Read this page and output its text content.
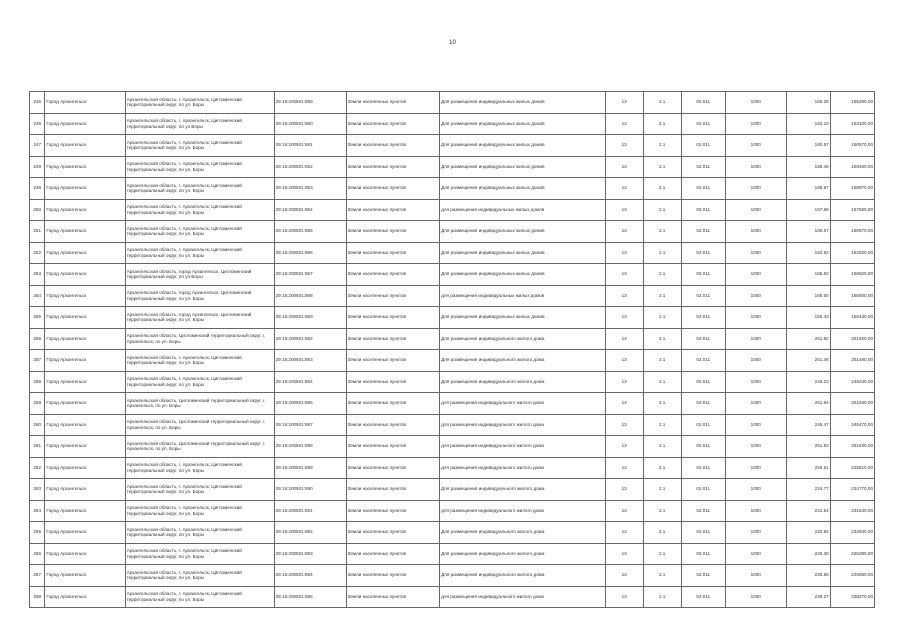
10
245	Город Архангельск	Архангельская область, г. Архангельск, Цигломенский территориальный округ, по ул. Боры	29:16:200501:859	Земли населенных пунктов	Для размещения индивидуальных жилых домов	13	2.1	02.011	1000	165.28	165280,00
246	Город Архангельск	Архангельская область, г. Архангельск, Цигломенский территориальный округ, по ул.Боры	29:16:200501:860	Земли населенных пунктов	Для размещения индивидуальных жилых домов	13	2.1	02.011	1000	163.10	163100,00
247	Город Архангельск	Архангельская область, г. Архангельск, Цигломенский территориальный округ, по ул. Боры	29:16:200501:861	Земли населенных пунктов	Для размещения индивидуальных жилых домов	13	2.1	02.011	1000	160.57	160570,00
248	Город Архангельск	Архангельская область, г. Архангельск, Цигломенский территориальный округ, по ул. Боры	29:16:200501:862	Земли населенных пунктов	Для размещения индивидуальных жилых домов	13	2.1	02.011	1000	158.46	158460,00
249	Город Архангельск	Архангельская область, г. Архангельск, Цигломенский территориальный округ, по ул. Боры	29:16:200501:863	Земли населенных пунктов	Для размещения индивидуальных жилых домов	13	2.1	02.011	1000	168.97	168970,00
250	Город Архангельск	Архангельская область, г. Архангельск, Цигломенский территориальный округ, по ул. Боры	29:16:200501:864	Земли населенных пунктов	для размещения индивидуальных жилых домов	13	2.1	02.011	1000	167.66	167660,00
251	Город Архангельск	Архангельская область, г. Архангельск, Цигломенский территориальный округ, по ул. Боры	29:16:200501:865	Земли населенных пунктов	Для размещения индивидуальных жилых домов	13	2.1	02.011	1000	160.67	160670,00
252	Город Архангельск	Архангельская область, г. Архангельск, Цигломенский территориальный округ, по ул. Боры	29:16:200501:866	Земли населенных пунктов	Для размещения индивидуальных жилых домов	13	2.1	02.011	1000	162.92	162920,00
253	Город Архангельск	Архангельская область, город Архангельск, Цигломенский территориальный округ, по ул.Боры	29:16:200501:867	Земли населенных пунктов	Для размещения индивидуальных жилых домов	13	2.1	02.011	1000	166.82	166820,00
254	Город Архангельск	Архангельская область, город Архангельск, Цигломенский территориальный округ, по ул. Боры	29:16:200501:868	Земли населенных пунктов	для размещения индивидуальных жилых домов	13	2.1	02.011	1000	165.60	165600,00
255	Город Архангельск	Архангельская область, город Архангельск, Цигломенский территориальный округ, по ул. Боры	29:16:200501:869	Земли населенных пунктов	Для размещения индивидуальных жилых домов	13	2.1	02.011	1000	156.43	156430,00
256	Город Архангельск	Архангельская область, Цигломенский территориальный округ, г. Архангельск, по ул. Боры	29:16:200501:882	Земли населенных пунктов	Для размещения индивидуального жилого дома	13	2.1	02.011	1000	251.92	251920,00
257	Город Архангельск	Архангельская область, г. Архангельск, Цигломенский территориальный округ, по ул. Боры	29:16:200501:883	Земли населенных пунктов	Для размещения индивидуального жилого дома	13	2.1	02.011	1000	251.48	251480,00
258	Город Архангельск	Архангельская область, г. Архангельск, Цигломенский территориальный округ, по ул. Боры	29:16:200501:884	Земли населенных пунктов	Для размещения индивидуального жилого дома	13	2.1	02.011	1000	246.23	246230,00
259	Город Архангельск	Архангельская область, Цигломенский территориальный округ, г. Архангельск, по ул. Боры	29:16:200501:886	Земли населенных пунктов	для размещения индивидуального жилого дома	13	2.1	02.011	1000	251.94	251940,00
260	Город Архангельск	Архангельская область, Цигломенский территориальный округ, г. Архангельск, по ул. Боры	29:16:200501:887	Земли населенных пунктов	для размещения индивидуального жилого дома	13	2.1	02.011	1000	245.47	245470,00
261	Город Архангельск	Архангельская область, Цигломенский территориальный округ, г. Архангельск, по ул. Боры	29:16:200501:888	Земли населенных пунктов	для размещения индивидуального жилого дома	13	2.1	02.011	1000	251.83	251830,00
262	Город Архангельск	Архангельская область, г. Архангельск, Цигломенский территориальный округ, по ул. Боры	29:16:200501:889	Земли населенных пунктов	для размещения индивидуального жилого дома	13	2.1	02.011	1000	225.51	225510,00
263	Город Архангельск	Архангельская область, г. Архангельск, Цигломенский территориальный округ, по ул. Боры	29:16:200501:890	Земли населенных пунктов	Для размещения индивидуального жилого дома	13	2.1	02.011	1000	224.77	224770,00
264	Город Архангельск	Архангельская область, г. Архангельск, Цигломенский территориальный округ, по ул. Боры	29:16:200501:891	Земли населенных пунктов	для размещения индивидуального жилого дома	13	2.1	02.011	1000	231.54	231540,00
265	Город Архангельск	Архангельская область, г. Архангельск, Цигломенский территориальный округ, по ул. Боры	29:16:200501:892	Земли населенных пунктов	Для размещения индивидуального жилого дома	13	2.1	02.011	1000	232.94	232940,00
266	Город Архангельск	Архангельская область, г. Архангельск, Цигломенский территориальный округ, по ул. Боры	29:16:200501:893	Земли населенных пунктов	Для размещения индивидуального жилого дома	13	2.1	02.011	1000	225.39	225390,00
267	Город Архангельск	Архангельская область, г. Архангельск, Цигломенский территориальный округ, по ул. Боры	29:16:200501:894	Земли населенных пунктов	Для размещения индивидуального жилого дома	13	2.1	02.011	1000	225.58	225580,00
268	Город Архангельск	Архангельская область, г. Архангельск, Цигломенский территориальный округ, по ул. Боры	29:16:200501:895	Земли населенных пунктов	для размещения индивидуального жилого дома	13	2.1	02.011	1000	238.27	238270,00
